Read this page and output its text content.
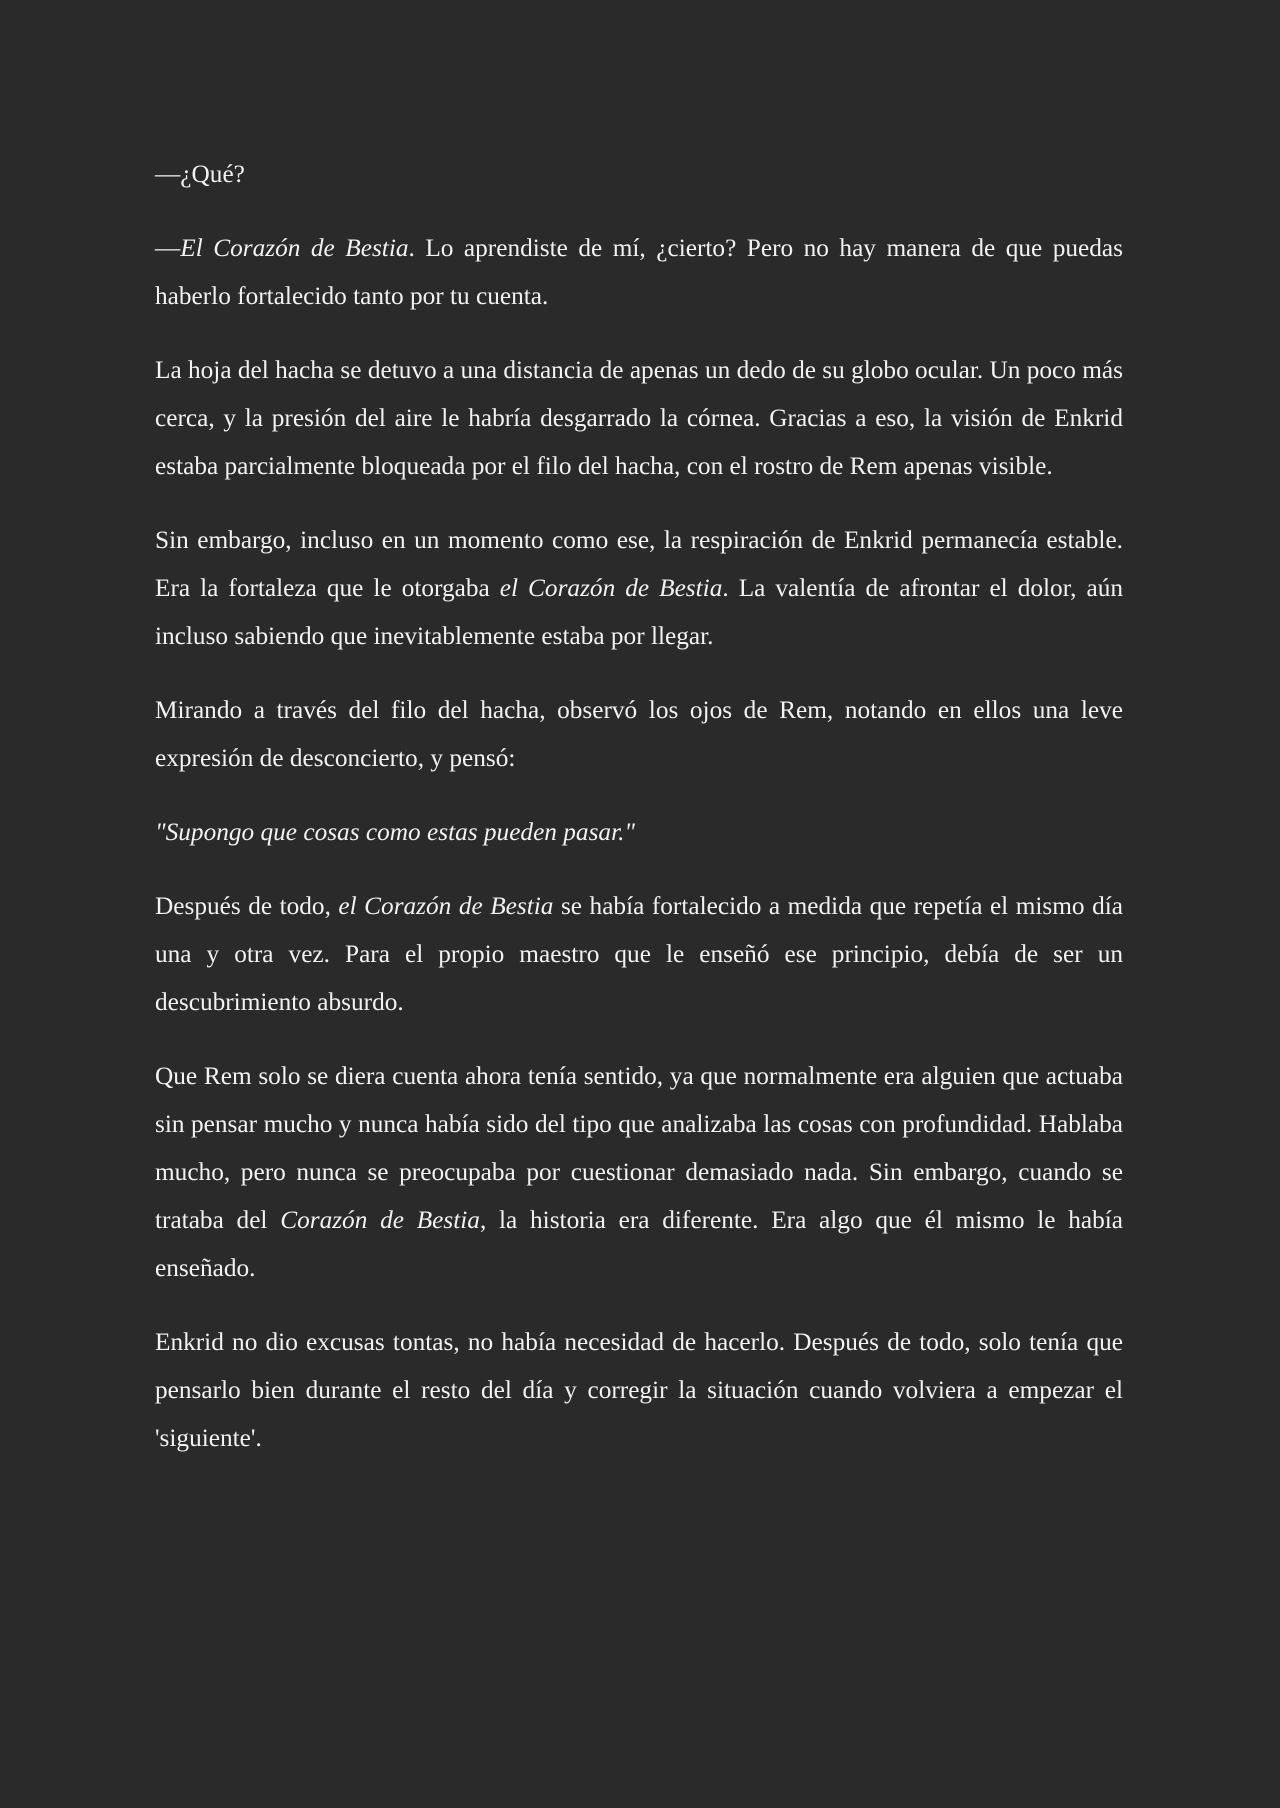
—¿Qué?

—El Corazón de Bestia. Lo aprendiste de mí, ¿cierto? Pero no hay manera de que puedas haberlo fortalecido tanto por tu cuenta.

La hoja del hacha se detuvo a una distancia de apenas un dedo de su globo ocular. Un poco más cerca, y la presión del aire le habría desgarrado la córnea. Gracias a eso, la visión de Enkrid estaba parcialmente bloqueada por el filo del hacha, con el rostro de Rem apenas visible.

Sin embargo, incluso en un momento como ese, la respiración de Enkrid permanecía estable. Era la fortaleza que le otorgaba el Corazón de Bestia. La valentía de afrontar el dolor, aún incluso sabiendo que inevitablemente estaba por llegar.

Mirando a través del filo del hacha, observó los ojos de Rem, notando en ellos una leve expresión de desconcierto, y pensó:

"Supongo que cosas como estas pueden pasar."

Después de todo, el Corazón de Bestia se había fortalecido a medida que repetía el mismo día una y otra vez. Para el propio maestro que le enseñó ese principio, debía de ser un descubrimiento absurdo.

Que Rem solo se diera cuenta ahora tenía sentido, ya que normalmente era alguien que actuaba sin pensar mucho y nunca había sido del tipo que analizaba las cosas con profundidad. Hablaba mucho, pero nunca se preocupaba por cuestionar demasiado nada. Sin embargo, cuando se trataba del Corazón de Bestia, la historia era diferente. Era algo que él mismo le había enseñado.

Enkrid no dio excusas tontas, no había necesidad de hacerlo. Después de todo, solo tenía que pensarlo bien durante el resto del día y corregir la situación cuando volviera a empezar el 'siguiente'.
